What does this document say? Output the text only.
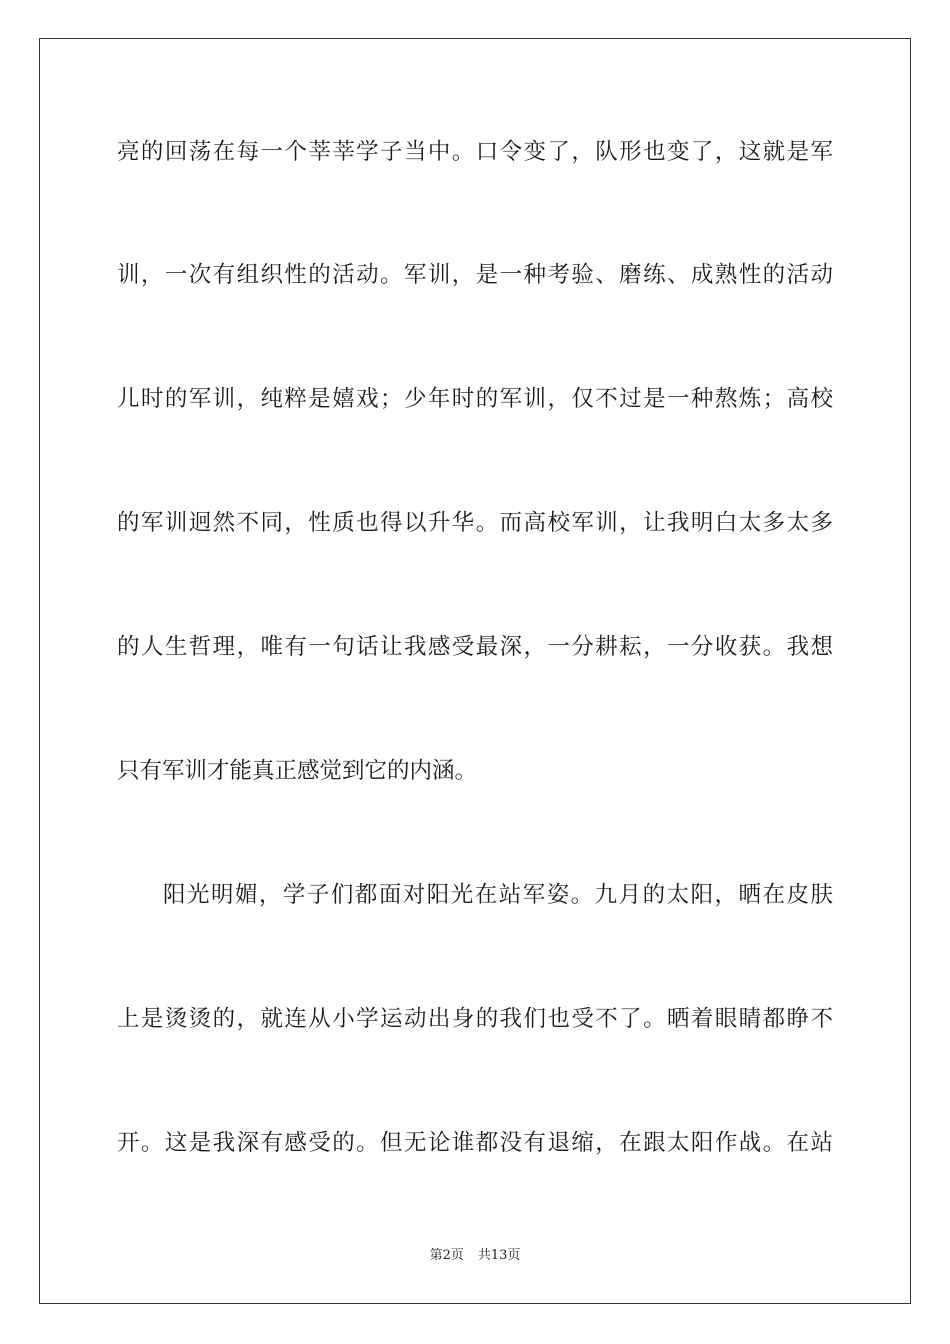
亮的回荡在每一个莘莘学子当中。口令变了，队形也变了，这就是军
训，一次有组织性的活动。军训，是一种考验、磨练、成熟性的活动
儿时的军训，纯粹是嬉戏；少年时的军训，仅不过是一种熬炼；高校
的军训迥然不同，性质也得以升华。而高校军训，让我明白太多太多
的人生哲理，唯有一句话让我感受最深，一分耕耘，一分收获。我想
只有军训才能真正感觉到它的内涵。
阳光明媚，学子们都面对阳光在站军姿。九月的太阳，晒在皮肤
上是烫烫的，就连从小学运动出身的我们也受不了。晒着眼睛都睁不
开。这是我深有感受的。但无论谁都没有退缩，在跟太阳作战。在站
第2页 共13页
